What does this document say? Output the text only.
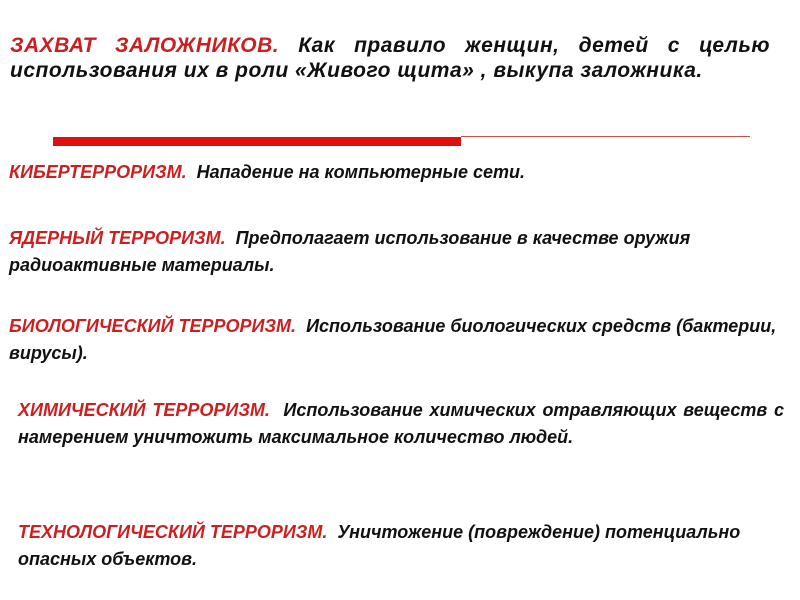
ЗАХВАТ ЗАЛОЖНИКОВ. Как правило женщин, детей с целью использования их в роли «Живого щита» , выкупа заложника.

КИБЕРТЕРРОРИЗМ.  Нападение на компьютерные сети.

ЯДЕРНЫЙ ТЕРРОРИЗМ.  Предполагает использование в качестве оружия радиоактивные материалы.

БИОЛОГИЧЕСКИЙ ТЕРРОРИЗМ.  Использование биологических средств (бактерии, вирусы).

ХИМИЧЕСКИЙ ТЕРРОРИЗМ.  Использование химических отравляющих веществ с намерением уничтожить максимальное количество людей.

ТЕХНОЛОГИЧЕСКИЙ ТЕРРОРИЗМ.  Уничтожение (повреждение) потенциально опасных объектов.
